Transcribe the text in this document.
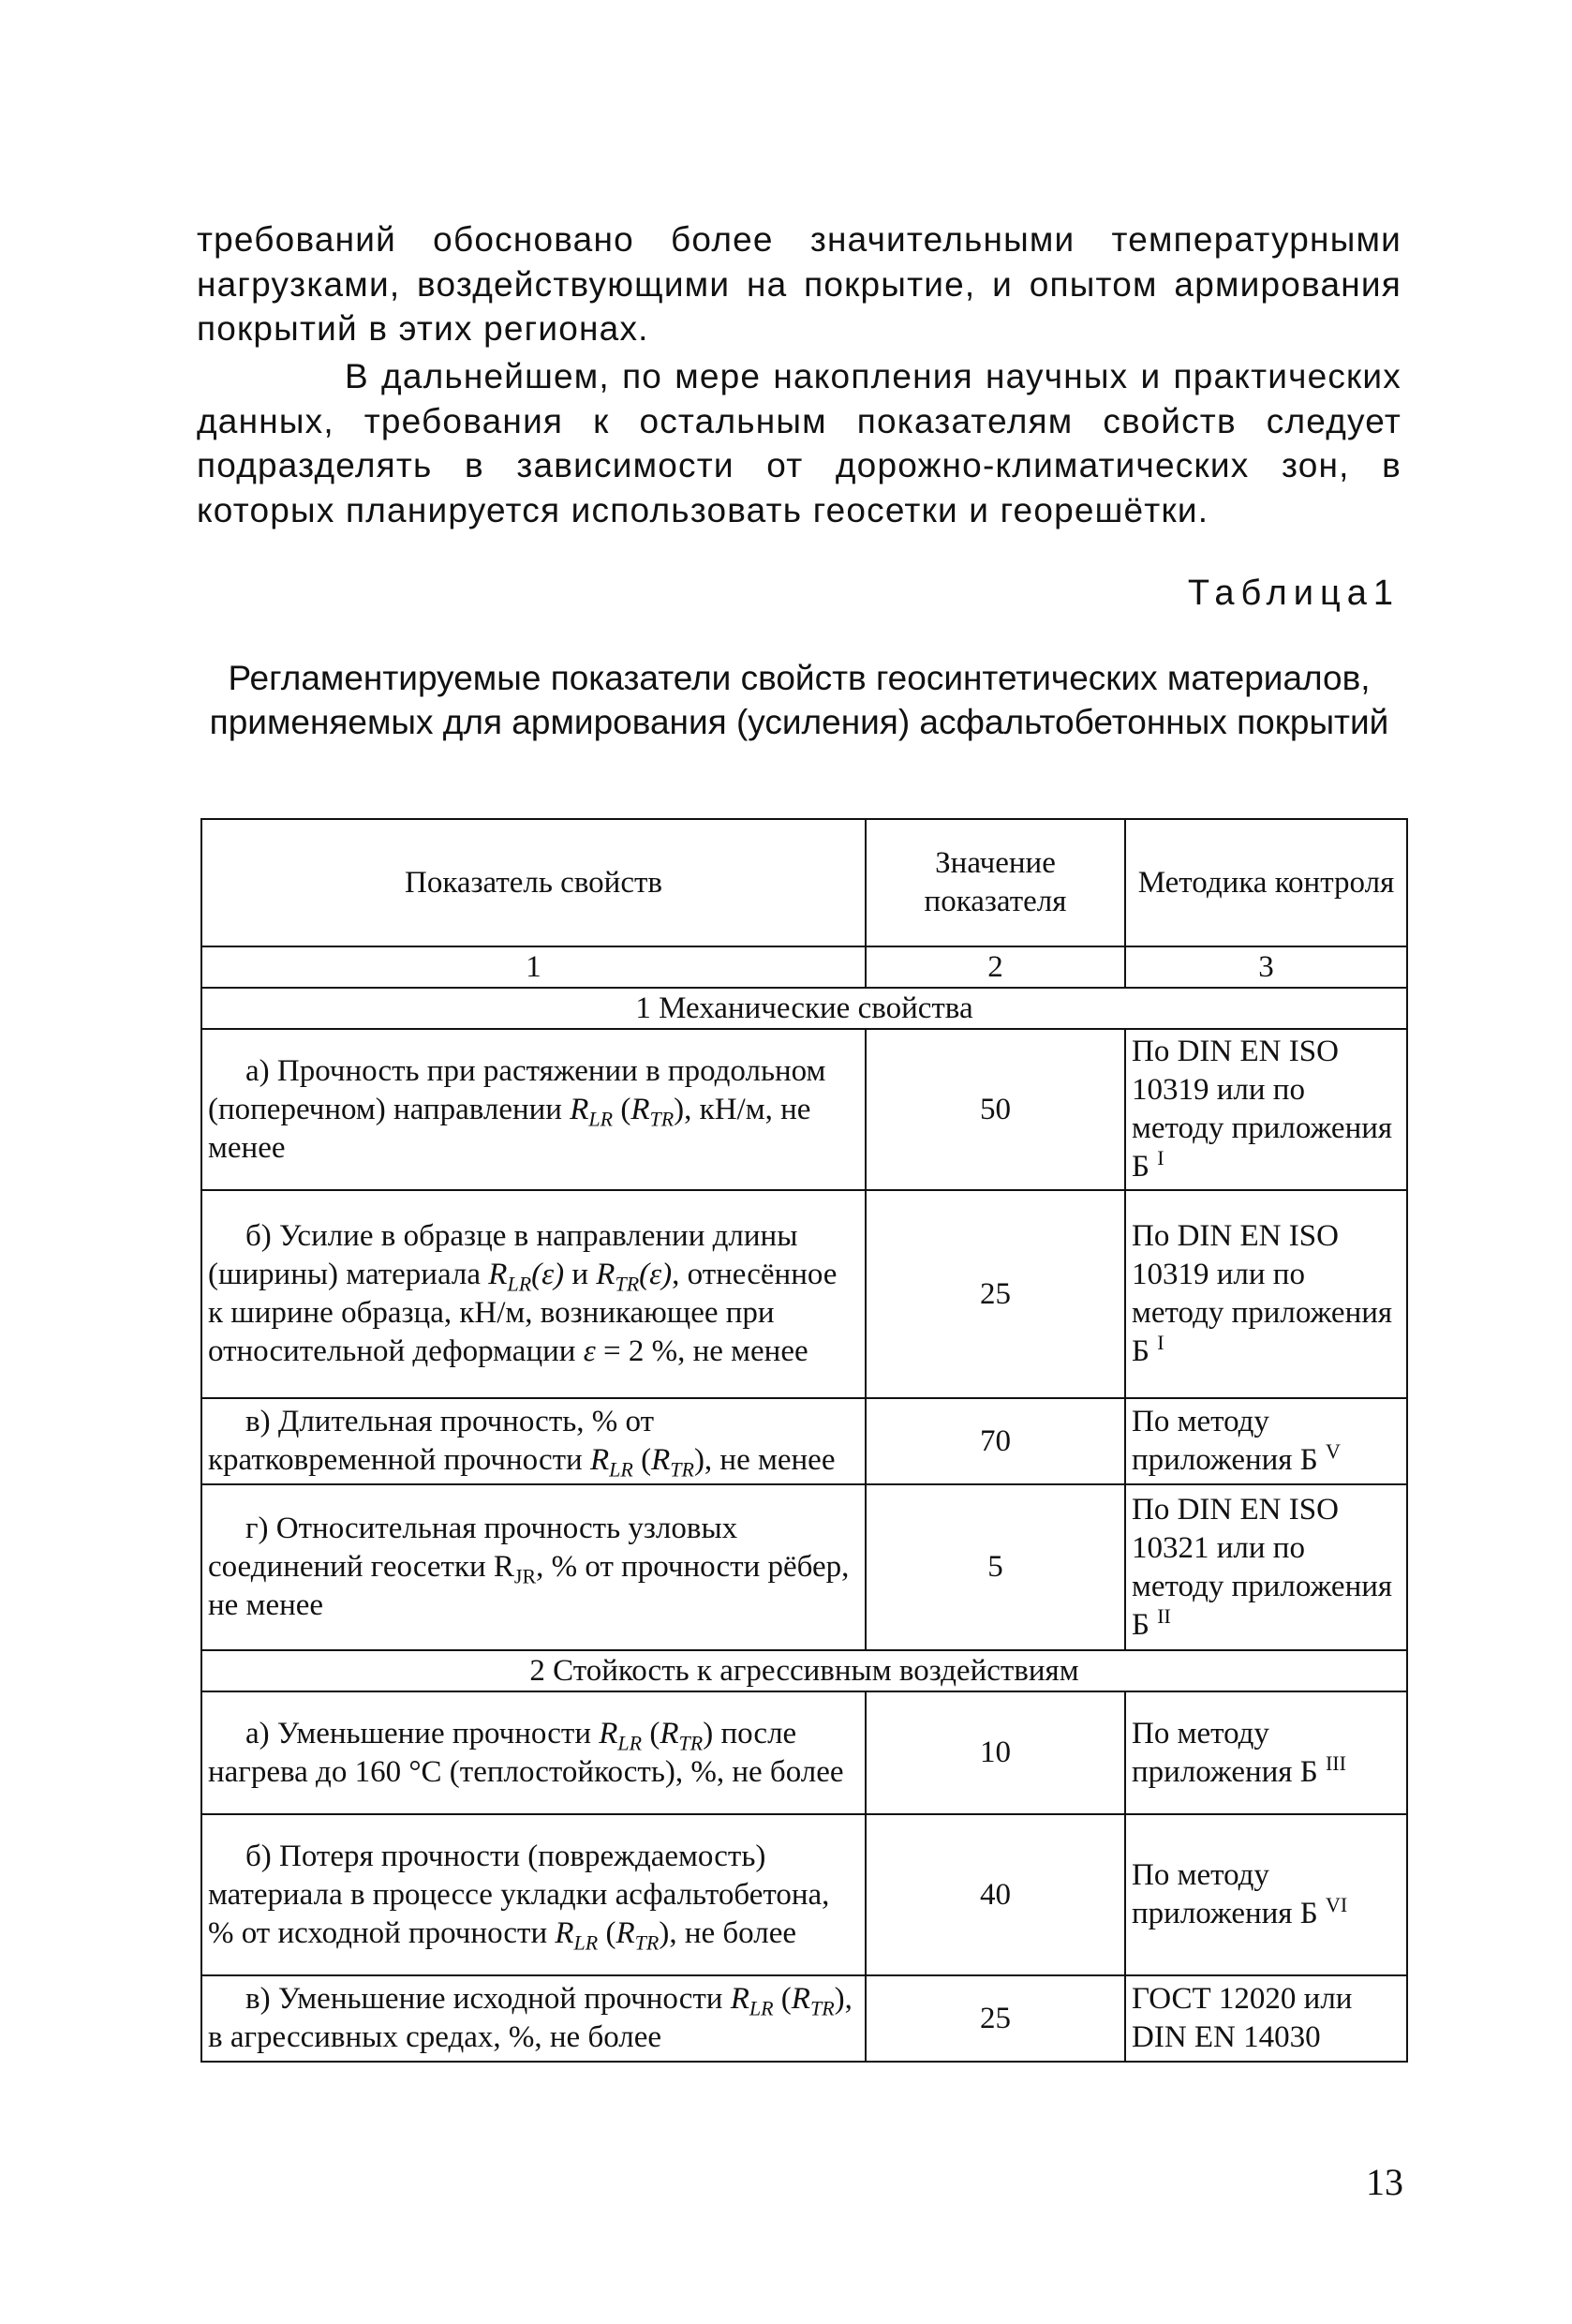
требований обосновано более значительными температурными нагрузками, воздействующими на покрытие, и опытом армирования покрытий в этих регионах.

В дальнейшем, по мере накопления научных и практических данных, требования к остальным показателям свойств следует подразделять в зависимости от дорожно-климатических зон, в которых планируется использовать геосетки и георешётки.

Таблица1

Регламентируемые показатели свойств геосинтетических материалов, применяемых для армирования (усиления) асфальтобетонных покрытий

Показатель свойств	Значение показателя	Методика контроля
1	2	3
1 Механические свойства		
а) Прочность при растяжении в продольном (поперечном) направлении $R_{LR}$ $(R_{TR})$, кН/м, не менее	50	По DIN EN ISO 10319 или по методу приложения Б $^I$
б) Усилие в образце в направлении длины (ширины) материала $R_{LR}(\varepsilon)$ и $R_{TR}(\varepsilon)$, отнесённое к ширине образца, кН/м, возникающее при относительной деформации ε = 2 %, не менее	25	По DIN EN ISO 10319 или по методу приложения Б $^I$
в) Длительная прочность, % от кратковременной прочности $R_{LR}$ $(R_{TR})$, не менее	70	По методу приложения Б $^V$
г) Относительная прочность узловых соединений геосетки $R_{JR}$, % от прочности рёбер, не менее	5	По DIN EN ISO 10321 или по методу приложения Б $^{II}$
2 Стойкость к агрессивным воздействиям		
а) Уменьшение прочности $R_{LR}$ $(R_{TR})$ после нагрева до 160 °С (теплостойкость), %, не более	10	По методу приложения Б $^{III}$
б) Потеря прочности (повреждаемость) материала в процессе укладки асфальтобетона, % от исходной прочности $R_{LR}$ $(R_{TR})$, не более	40	По методу приложения Б $^{VI}$
в) Уменьшение исходной прочности $R_{LR}$ $(R_{TR})$, в агрессивных средах, %, не более	25	ГОСТ 12020 или DIN EN 14030

13
